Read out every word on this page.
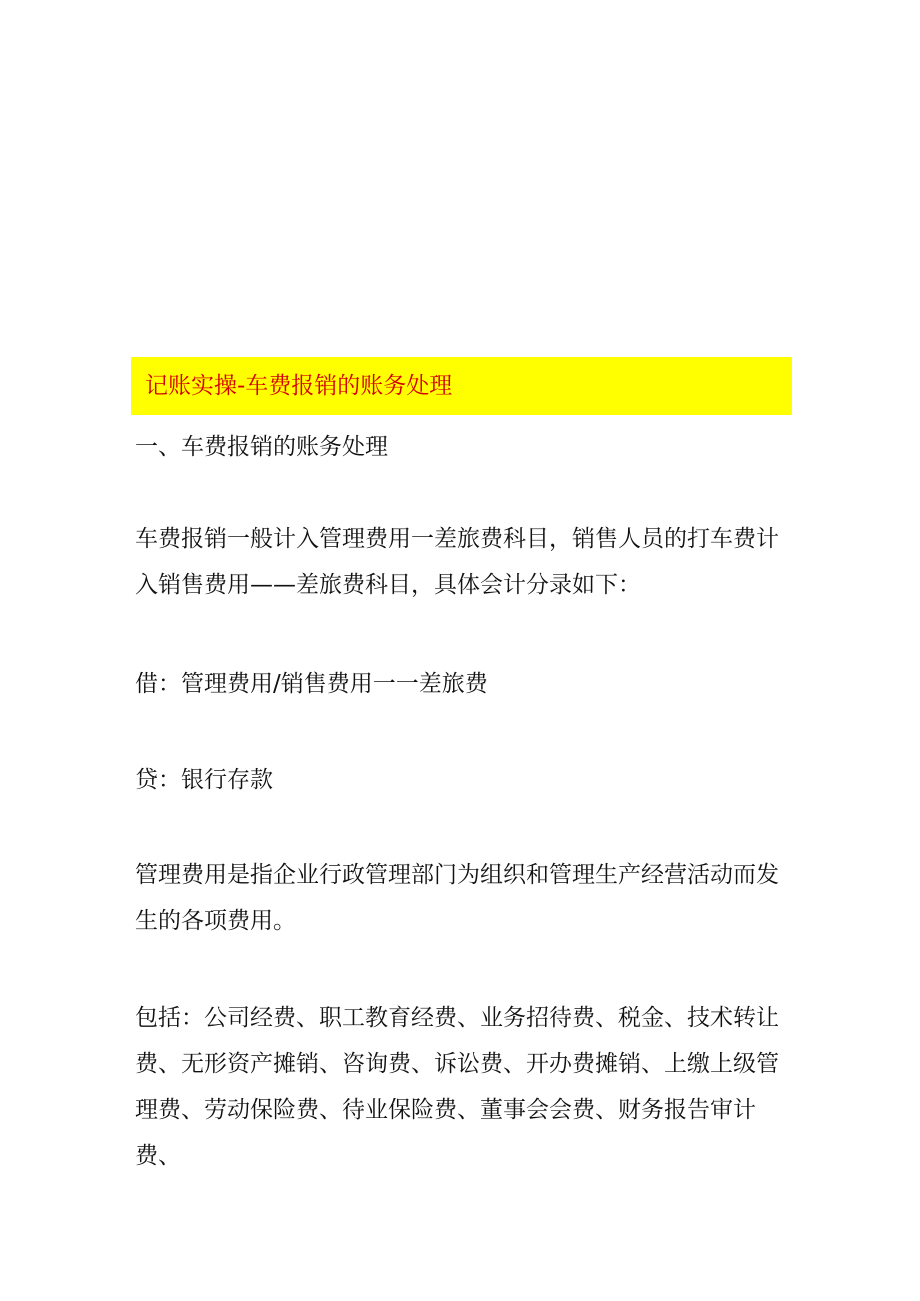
记账实操-车费报销的账务处理
一、车费报销的账务处理
车费报销一般计入管理费用一差旅费科目，销售人员的打车费计入销售费用——差旅费科目，具体会计分录如下：
借：管理费用/销售费用一一差旅费
贷：银行存款
管理费用是指企业行政管理部门为组织和管理生产经营活动而发生的各项费用。
包括：公司经费、职工教育经费、业务招待费、税金、技术转让费、无形资产摊销、咨询费、诉讼费、开办费摊销、上缴上级管理费、劳动保险费、待业保险费、董事会会费、财务报告审计费、
